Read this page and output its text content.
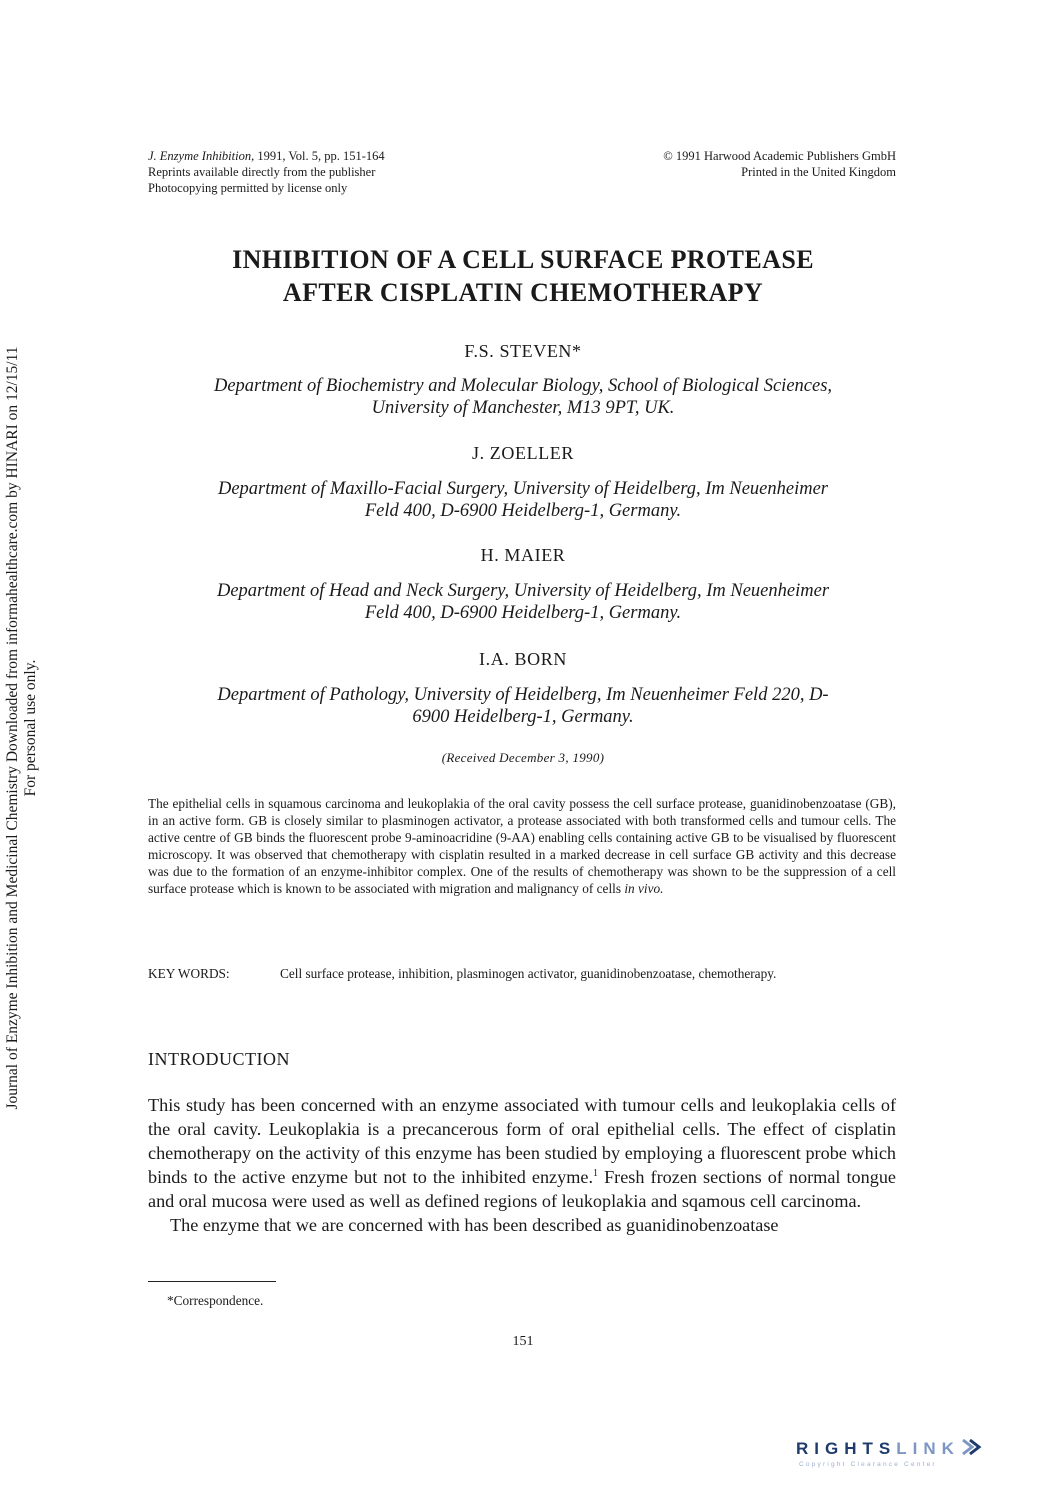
J. Enzyme Inhibition, 1991, Vol. 5, pp. 151-164
Reprints available directly from the publisher
Photocopying permitted by license only
© 1991 Harwood Academic Publishers GmbH
Printed in the United Kingdom
Journal of Enzyme Inhibition and Medicinal Chemistry Downloaded from informahealthcare.com by HINARI on 12/15/11 For personal use only.
INHIBITION OF A CELL SURFACE PROTEASE
AFTER CISPLATIN CHEMOTHERAPY
F.S. STEVEN*
Department of Biochemistry and Molecular Biology, School of Biological Sciences,
University of Manchester, M13 9PT, UK.
J. ZOELLER
Department of Maxillo-Facial Surgery, University of Heidelberg, Im Neuenheimer
Feld 400, D-6900 Heidelberg-1, Germany.
H. MAIER
Department of Head and Neck Surgery, University of Heidelberg, Im Neuenheimer
Feld 400, D-6900 Heidelberg-1, Germany.
I.A. BORN
Department of Pathology, University of Heidelberg, Im Neuenheimer Feld 220, D-
6900 Heidelberg-1, Germany.
(Received December 3, 1990)
The epithelial cells in squamous carcinoma and leukoplakia of the oral cavity possess the cell surface protease, guanidinobenzoatase (GB), in an active form. GB is closely similar to plasminogen activator, a protease associated with both transformed cells and tumour cells. The active centre of GB binds the fluorescent probe 9-aminoacridine (9-AA) enabling cells containing active GB to be visualised by fluorescent microscopy. It was observed that chemotherapy with cisplatin resulted in a marked decrease in cell surface GB activity and this decrease was due to the formation of an enzyme-inhibitor complex. One of the results of chemotherapy was shown to be the suppression of a cell surface protease which is known to be associated with migration and malignancy of cells in vivo.
KEY WORDS:	Cell surface protease, inhibition, plasminogen activator, guanidinobenzoatase, chemotherapy.
INTRODUCTION

This study has been concerned with an enzyme associated with tumour cells and leukoplakia cells of the oral cavity. Leukoplakia is a precancerous form of oral epithelial cells. The effect of cisplatin chemotherapy on the activity of this enzyme has been studied by employing a fluorescent probe which binds to the active enzyme but not to the inhibited enzyme.$^1$ Fresh frozen sections of normal tongue and oral mucosa were used as well as defined regions of leukoplakia and sqamous cell carcinoma.

The enzyme that we are concerned with has been described as guanidinobenzoatase

*Correspondence.
151
RIGHTSLINK
Copyright Clearance Center
